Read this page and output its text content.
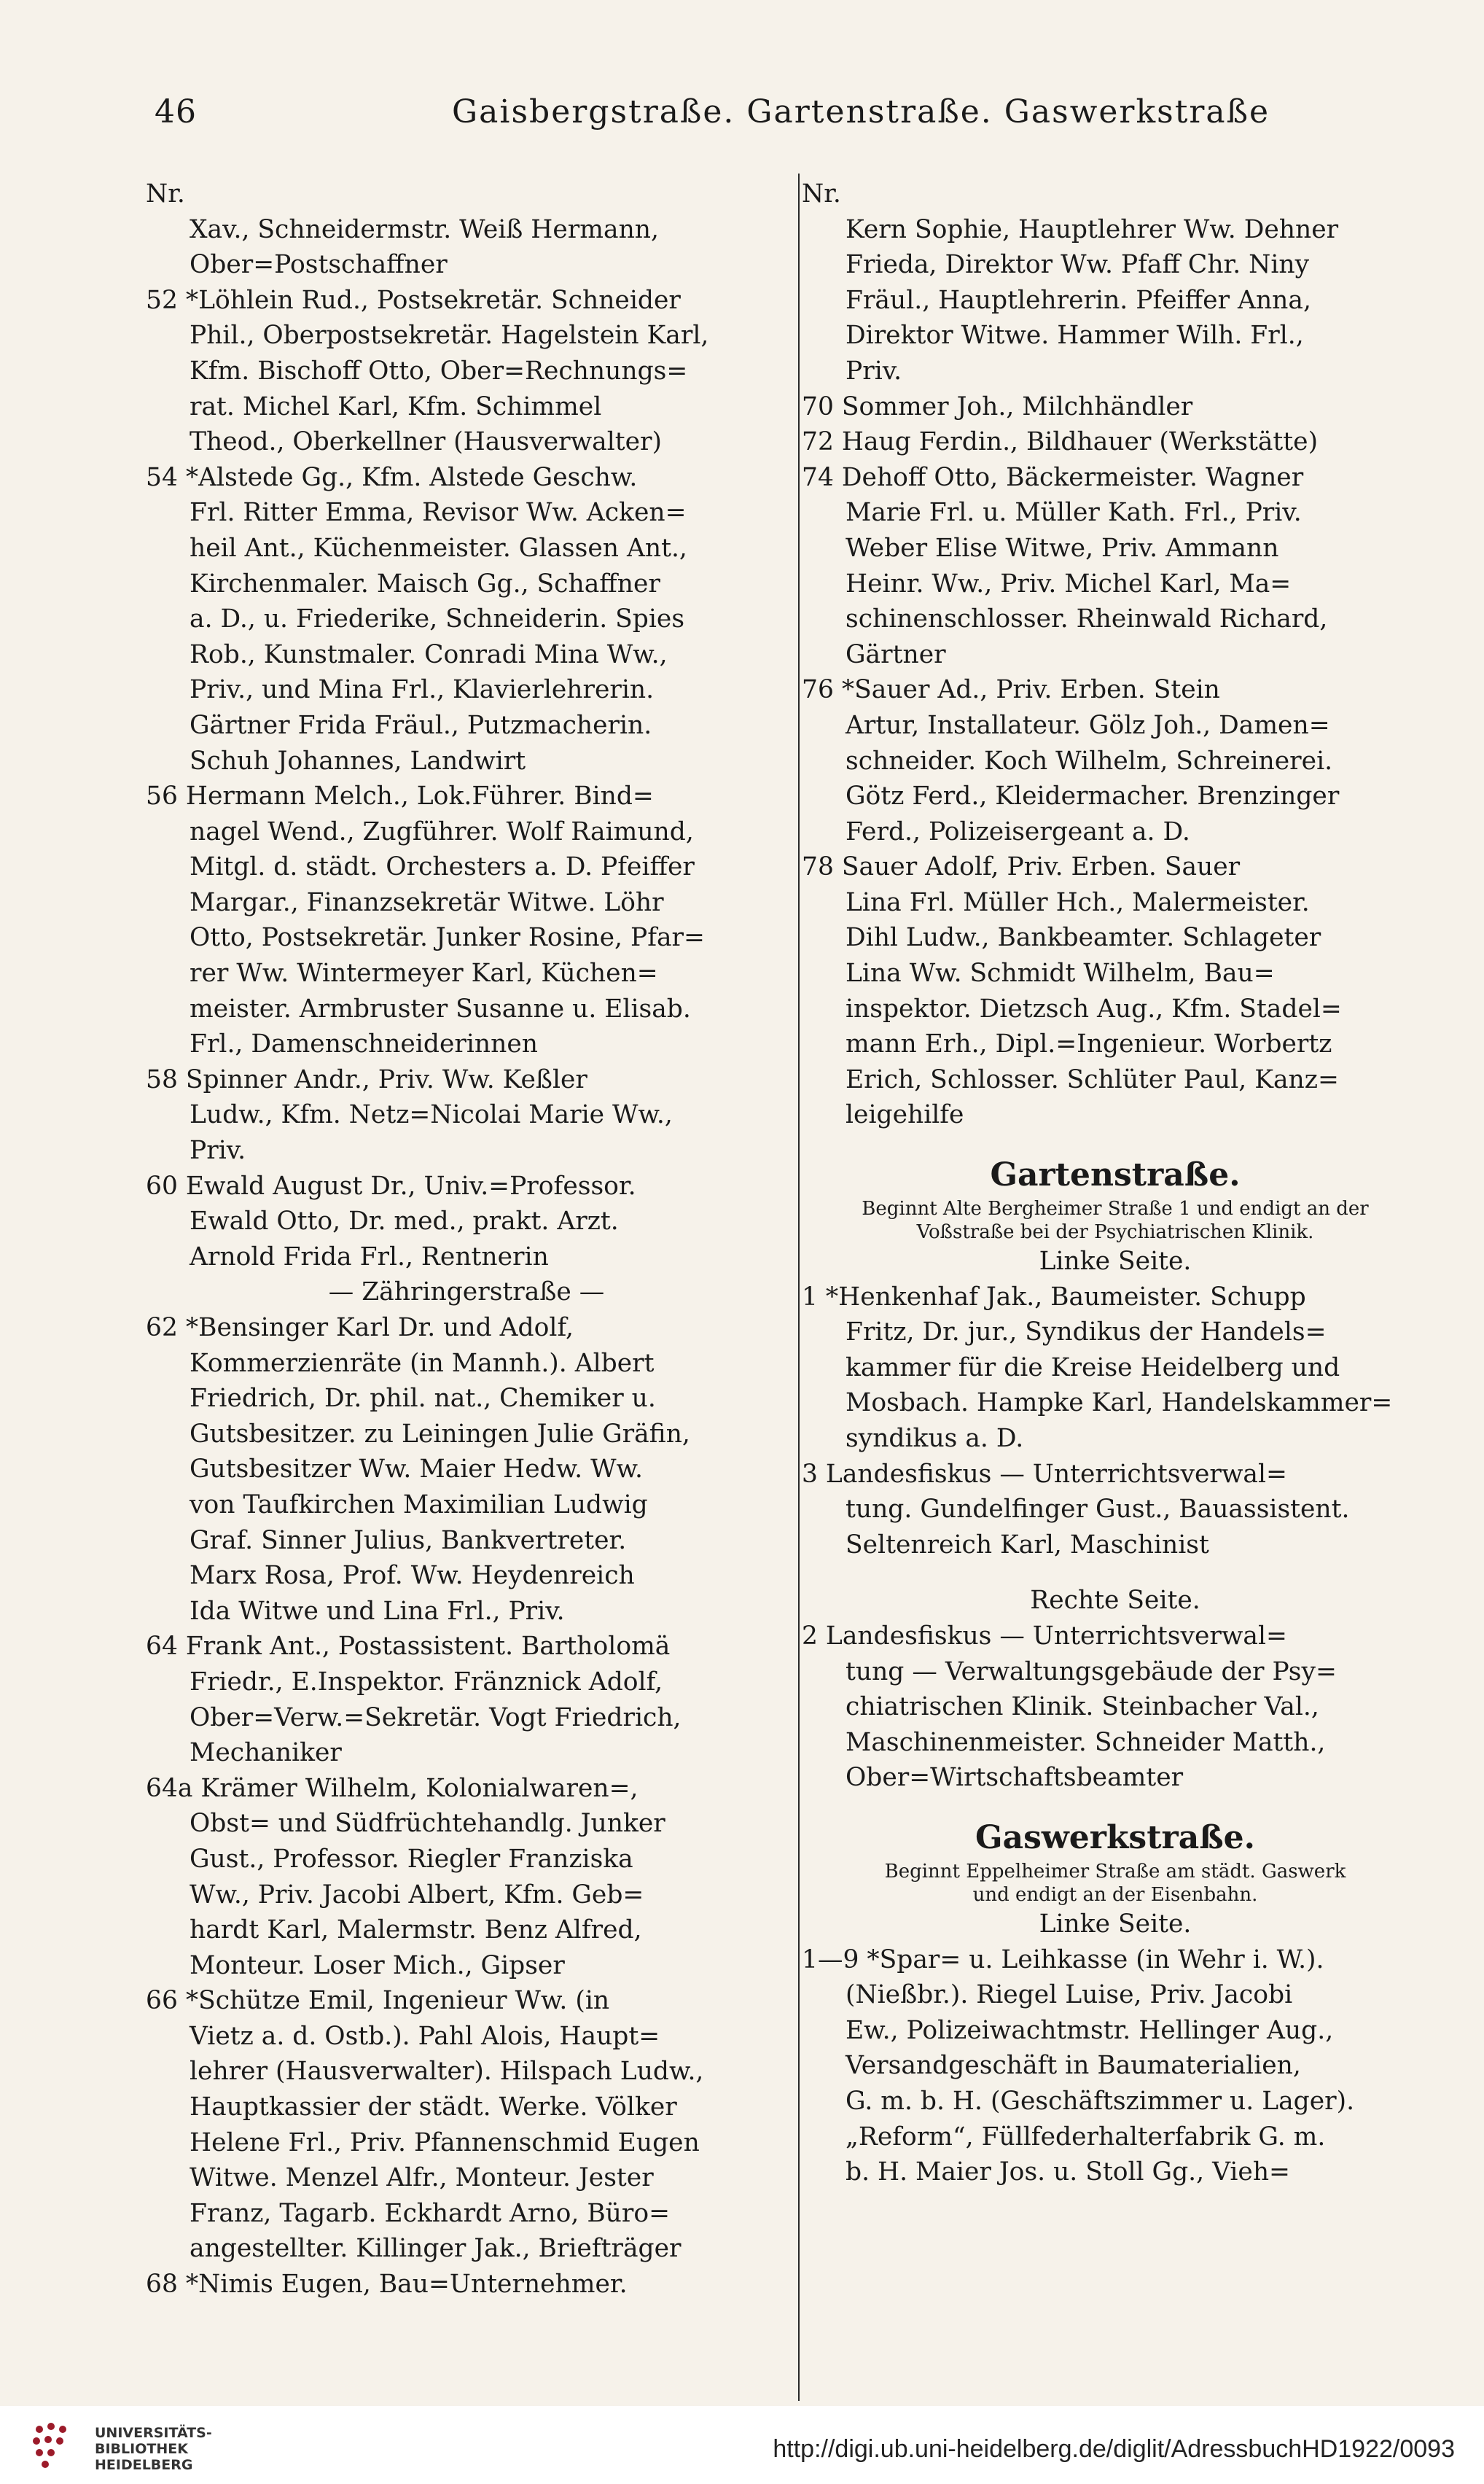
46	Gaisbergstraße. Gartenstraße. Gaswerkstraße
Nr.
Xav., Schneidermstr. Weiß Hermann,
Ober=Postschaffner
52 *Löhlein Rud., Postsekretär. Schneider
Phil., Oberpostsekretär. Hagelstein Karl,
Kfm. Bischoff Otto, Ober=Rechnungs=
rat. Michel Karl, Kfm. Schimmel
Theod., Oberkellner (Hausverwalter)
54 *Alstede Gg., Kfm. Alstede Geschw.
Frl. Ritter Emma, Revisor Ww. Acken=
heil Ant., Küchenmeister. Glassen Ant.,
Kirchenmaler. Maisch Gg., Schaffner
a. D., u. Friederike, Schneiderin. Spies
Rob., Kunstmaler. Conradi Mina Ww.,
Priv., und Mina Frl., Klavierlehrerin.
Gärtner Frida Fräul., Putzmacherin.
Schuh Johannes, Landwirt
56 Hermann Melch., Lok.Führer. Bind=
nagel Wend., Zugführer. Wolf Raimund,
Mitgl. d. städt. Orchesters a. D. Pfeiffer
Margar., Finanzsekretär Witwe. Löhr
Otto, Postsekretär. Junker Rosine, Pfar=
rer Ww. Wintermeyer Karl, Küchen=
meister. Armbruster Susanne u. Elisab.
Frl., Damenschneiderinnen
58 Spinner Andr., Priv. Ww. Keßler
Ludw., Kfm. Netz=Nicolai Marie Ww.,
Priv.
60 Ewald August Dr., Univ.=Professor.
Ewald Otto, Dr. med., prakt. Arzt.
Arnold Frida Frl., Rentnerin
— Zähringerstraße —
62 *Bensinger Karl Dr. und Adolf,
Kommerzienräte (in Mannh.). Albert
Friedrich, Dr. phil. nat., Chemiker u.
Gutsbesitzer. zu Leiningen Julie Gräfin,
Gutsbesitzer Ww. Maier Hedw. Ww.
von Taufkirchen Maximilian Ludwig
Graf. Sinner Julius, Bankvertreter.
Marx Rosa, Prof. Ww. Heydenreich
Ida Witwe und Lina Frl., Priv.
64 Frank Ant., Postassistent. Bartholomä
Friedr., E.Inspektor. Fränznick Adolf,
Ober=Verw.=Sekretär. Vogt Friedrich,
Mechaniker
64a Krämer Wilhelm, Kolonialwaren=,
Obst= und Südfrüchtehandlg. Junker
Gust., Professor. Riegler Franziska
Ww., Priv. Jacobi Albert, Kfm. Geb=
hardt Karl, Malermstr. Benz Alfred,
Monteur. Loser Mich., Gipser
66 *Schütze Emil, Ingenieur Ww. (in
Vietz a. d. Ostb.). Pahl Alois, Haupt=
lehrer (Hausverwalter). Hilspach Ludw.,
Hauptkassier der städt. Werke. Völker
Helene Frl., Priv. Pfannenschmid Eugen
Witwe. Menzel Alfr., Monteur. Jester
Franz, Tagarb. Eckhardt Arno, Büro=
angestellter. Killinger Jak., Briefträger
68 *Nimis Eugen, Bau=Unternehmer.
Nr.
Kern Sophie, Hauptlehrer Ww. Dehner
Frieda, Direktor Ww. Pfaff Chr. Niny
Fräul., Hauptlehrerin. Pfeiffer Anna,
Direktor Witwe. Hammer Wilh. Frl.,
Priv.
70 Sommer Joh., Milchhändler
72 Haug Ferdin., Bildhauer (Werkstätte)
74 Dehoff Otto, Bäckermeister. Wagner
Marie Frl. u. Müller Kath. Frl., Priv.
Weber Elise Witwe, Priv. Ammann
Heinr. Ww., Priv. Michel Karl, Ma=
schinenschlosser. Rheinwald Richard,
Gärtner
76 *Sauer Ad., Priv. Erben. Stein
Artur, Installateur. Gölz Joh., Damen=
schneider. Koch Wilhelm, Schreinerei.
Götz Ferd., Kleidermacher. Brenzinger
Ferd., Polizeisergeant a. D.
78 Sauer Adolf, Priv. Erben. Sauer
Lina Frl. Müller Hch., Malermeister.
Dihl Ludw., Bankbeamter. Schlageter
Lina Ww. Schmidt Wilhelm, Bau=
inspektor. Dietzsch Aug., Kfm. Stadel=
mann Erh., Dipl.=Ingenieur. Worbertz
Erich, Schlosser. Schlüter Paul, Kanz=
leigehilfe
Gartenstraße.
Beginnt Alte Bergheimer Straße 1 und endigt an der
Voßstraße bei der Psychiatrischen Klinik.
Linke Seite.
1 *Henkenhaf Jak., Baumeister. Schupp
Fritz, Dr. jur., Syndikus der Handels=
kammer für die Kreise Heidelberg und
Mosbach. Hampke Karl, Handelskammer=
syndikus a. D.
3 Landesfiskus — Unterrichtsverwal=
tung. Gundelfinger Gust., Bauassistent.
Seltenreich Karl, Maschinist
Rechte Seite.
2 Landesfiskus — Unterrichtsverwal=
tung — Verwaltungsgebäude der Psy=
chiatrischen Klinik. Steinbacher Val.,
Maschinenmeister. Schneider Matth.,
Ober=Wirtschaftsbeamter
Gaswerkstraße.
Beginnt Eppelheimer Straße am städt. Gaswerk
und endigt an der Eisenbahn.
Linke Seite.
1—9 *Spar= u. Leihkasse (in Wehr i. W.).
(Nießbr.). Riegel Luise, Priv. Jacobi
Ew., Polizeiwachtmstr. Hellinger Aug.,
Versandgeschäft in Baumaterialien,
G. m. b. H. (Geschäftszimmer u. Lager).
„Reform“, Füllfederhalterfabrik G. m.
b. H. Maier Jos. u. Stoll Gg., Vieh=
UNIVERSITÄTS-
BIBLIOTHEK
HEIDELBERG
http://digi.ub.uni-heidelberg.de/diglit/AdressbuchHD1922/0093
